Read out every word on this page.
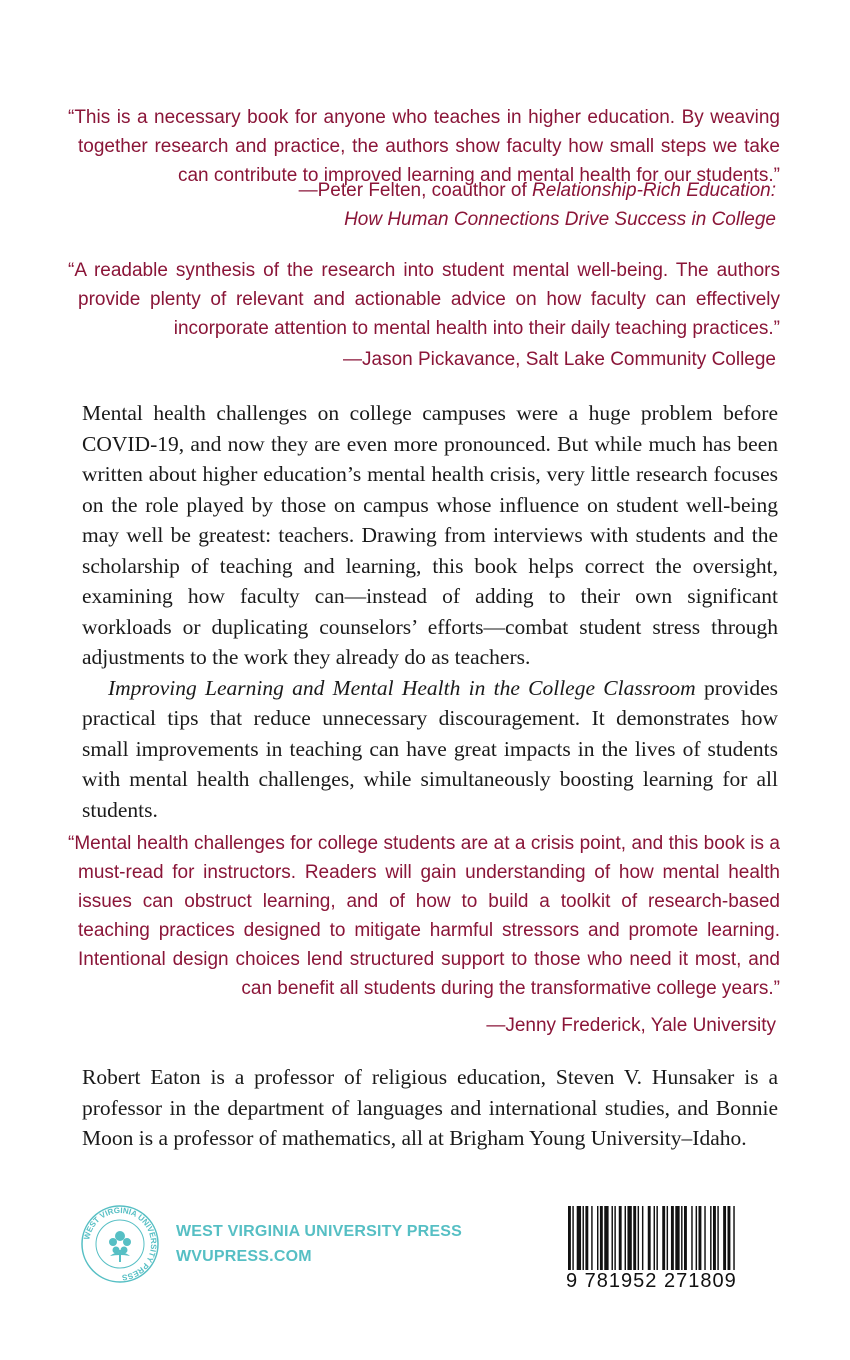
“This is a necessary book for anyone who teaches in higher education. By weaving together research and practice, the authors show faculty how small steps we take can contribute to improved learning and mental health for our students.”
—Peter Felten, coauthor of Relationship-Rich Education:
How Human Connections Drive Success in College
“A readable synthesis of the research into student mental well-being. The authors provide plenty of relevant and actionable advice on how faculty can effectively incorporate attention to mental health into their daily teaching practices.”
—Jason Pickavance, Salt Lake Community College

Mental health challenges on college campuses were a huge problem before COVID-19, and now they are even more pronounced. But while much has been written about higher education’s mental health crisis, very little research focuses on the role played by those on campus whose influence on student well-being may well be greatest: teachers. Drawing from interviews with students and the scholarship of teaching and learning, this book helps correct the oversight, examining how faculty can—instead of adding to their own significant workloads or duplicating counselors’ efforts—combat student stress through adjustments to the work they already do as teachers.

Improving Learning and Mental Health in the College Classroom provides practical tips that reduce unnecessary discouragement. It demonstrates how small improvements in teaching can have great impacts in the lives of students with mental health challenges, while simultaneously boosting learning for all students.

“Mental health challenges for college students are at a crisis point, and this book is a must-read for instructors. Readers will gain understanding of how mental health issues can obstruct learning, and of how to build a toolkit of research-based teaching practices designed to mitigate harmful stressors and promote learning. Intentional design choices lend structured support to those who need it most, and can benefit all students during the transformative college years.”
—Jenny Frederick, Yale University
Robert Eaton is a professor of religious education, Steven V. Hunsaker is a professor in the department of languages and international studies, and Bonnie Moon is a professor of mathematics, all at Brigham Young University–Idaho.
WEST VIRGINIA UNIVERSITY PRESS
WEST VIRGINIA UNIVERSITY PRESS
WVUPRESS.COM
9 781952 271809
